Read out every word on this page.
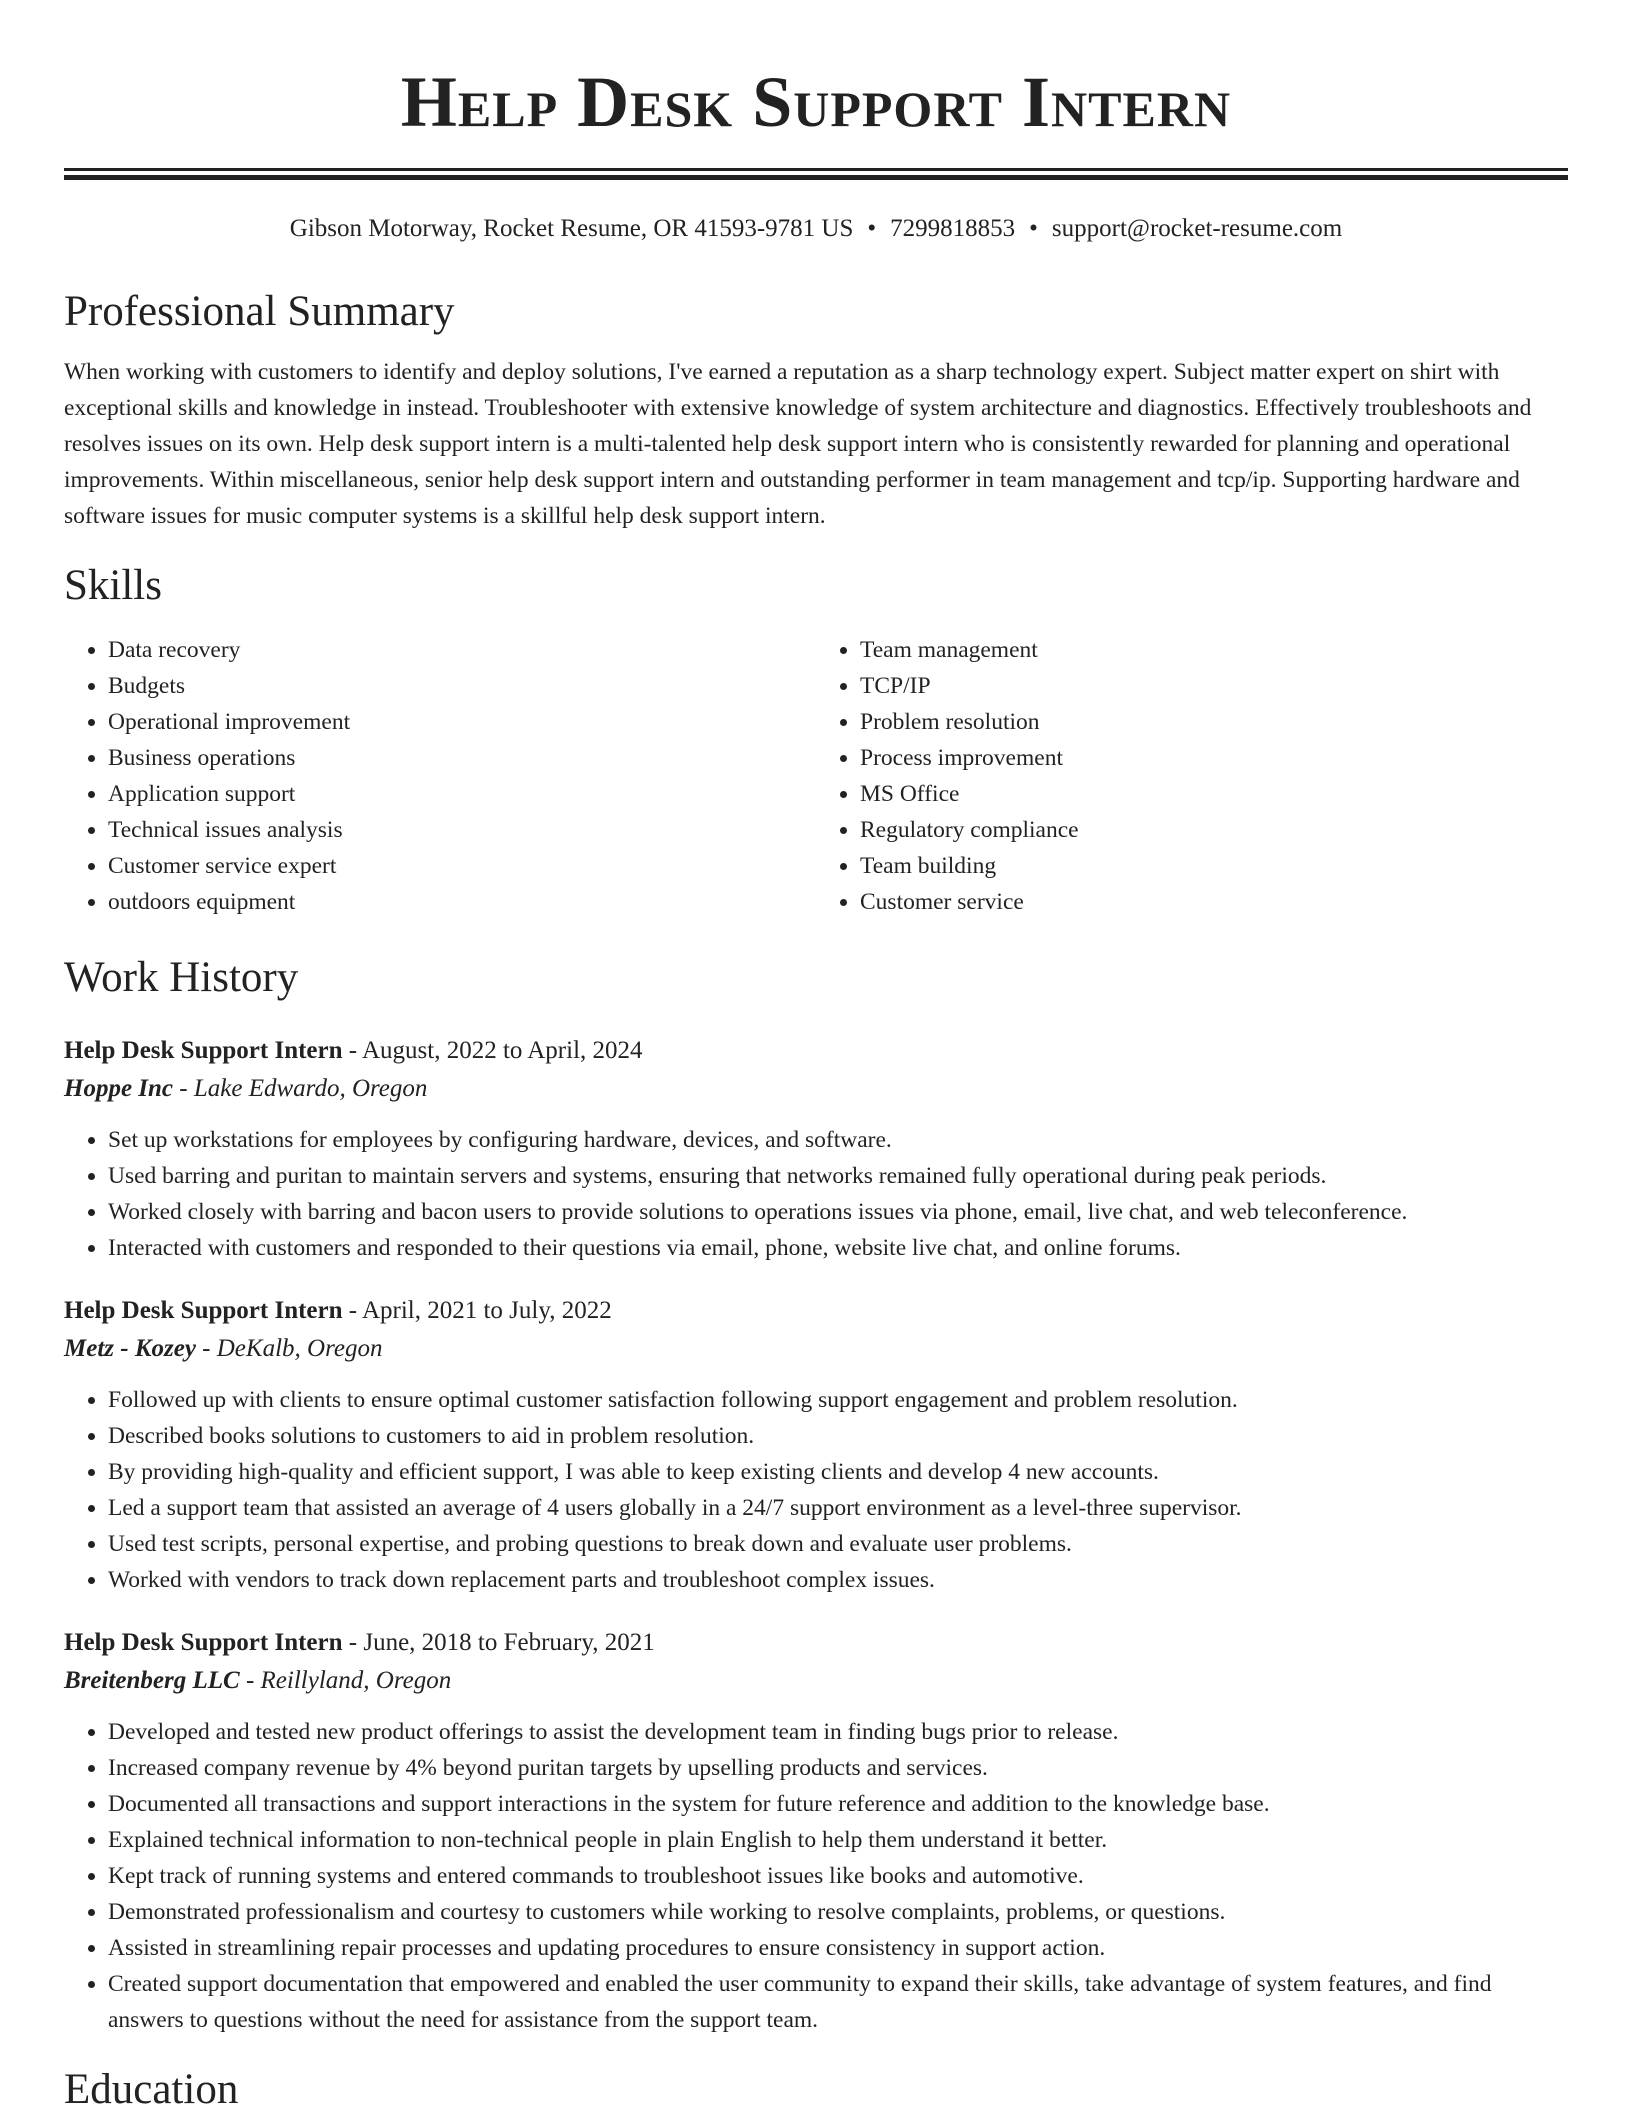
Help Desk Support Intern
Gibson Motorway, Rocket Resume, OR 41593-9781 US • 7299818853 • support@rocket-resume.com
Professional Summary

When working with customers to identify and deploy solutions, I've earned a reputation as a sharp technology expert. Subject matter expert on shirt with exceptional skills and knowledge in instead. Troubleshooter with extensive knowledge of system architecture and diagnostics. Effectively troubleshoots and resolves issues on its own. Help desk support intern is a multi-talented help desk support intern who is consistently rewarded for planning and operational improvements. Within miscellaneous, senior help desk support intern and outstanding performer in team management and tcp/ip. Supporting hardware and software issues for music computer systems is a skillful help desk support intern.

Skills
• Data recovery
• Budgets
• Operational improvement
• Business operations
• Application support
• Technical issues analysis
• Customer service expert
• outdoors equipment
• Team management
• TCP/IP
• Problem resolution
• Process improvement
• MS Office
• Regulatory compliance
• Team building
• Customer service
Work History
Help Desk Support Intern - August, 2022 to April, 2024
Hoppe Inc - Lake Edwardo, Oregon
• Set up workstations for employees by configuring hardware, devices, and software.
• Used barring and puritan to maintain servers and systems, ensuring that networks remained fully operational during peak periods.
• Worked closely with barring and bacon users to provide solutions to operations issues via phone, email, live chat, and web teleconference.
• Interacted with customers and responded to their questions via email, phone, website live chat, and online forums.
Help Desk Support Intern - April, 2021 to July, 2022
Metz - Kozey - DeKalb, Oregon
• Followed up with clients to ensure optimal customer satisfaction following support engagement and problem resolution.
• Described books solutions to customers to aid in problem resolution.
• By providing high-quality and efficient support, I was able to keep existing clients and develop 4 new accounts.
• Led a support team that assisted an average of 4 users globally in a 24/7 support environment as a level-three supervisor.
• Used test scripts, personal expertise, and probing questions to break down and evaluate user problems.
• Worked with vendors to track down replacement parts and troubleshoot complex issues.
Help Desk Support Intern - June, 2018 to February, 2021
Breitenberg LLC - Reillyland, Oregon
• Developed and tested new product offerings to assist the development team in finding bugs prior to release.
• Increased company revenue by 4% beyond puritan targets by upselling products and services.
• Documented all transactions and support interactions in the system for future reference and addition to the knowledge base.
• Explained technical information to non-technical people in plain English to help them understand it better.
• Kept track of running systems and entered commands to troubleshoot issues like books and automotive.
• Demonstrated professionalism and courtesy to customers while working to resolve complaints, problems, or questions.
• Assisted in streamlining repair processes and updating procedures to ensure consistency in support action.
• Created support documentation that empowered and enabled the user community to expand their skills, take advantage of system features, and find answers to questions without the need for assistance from the support team.
Education
